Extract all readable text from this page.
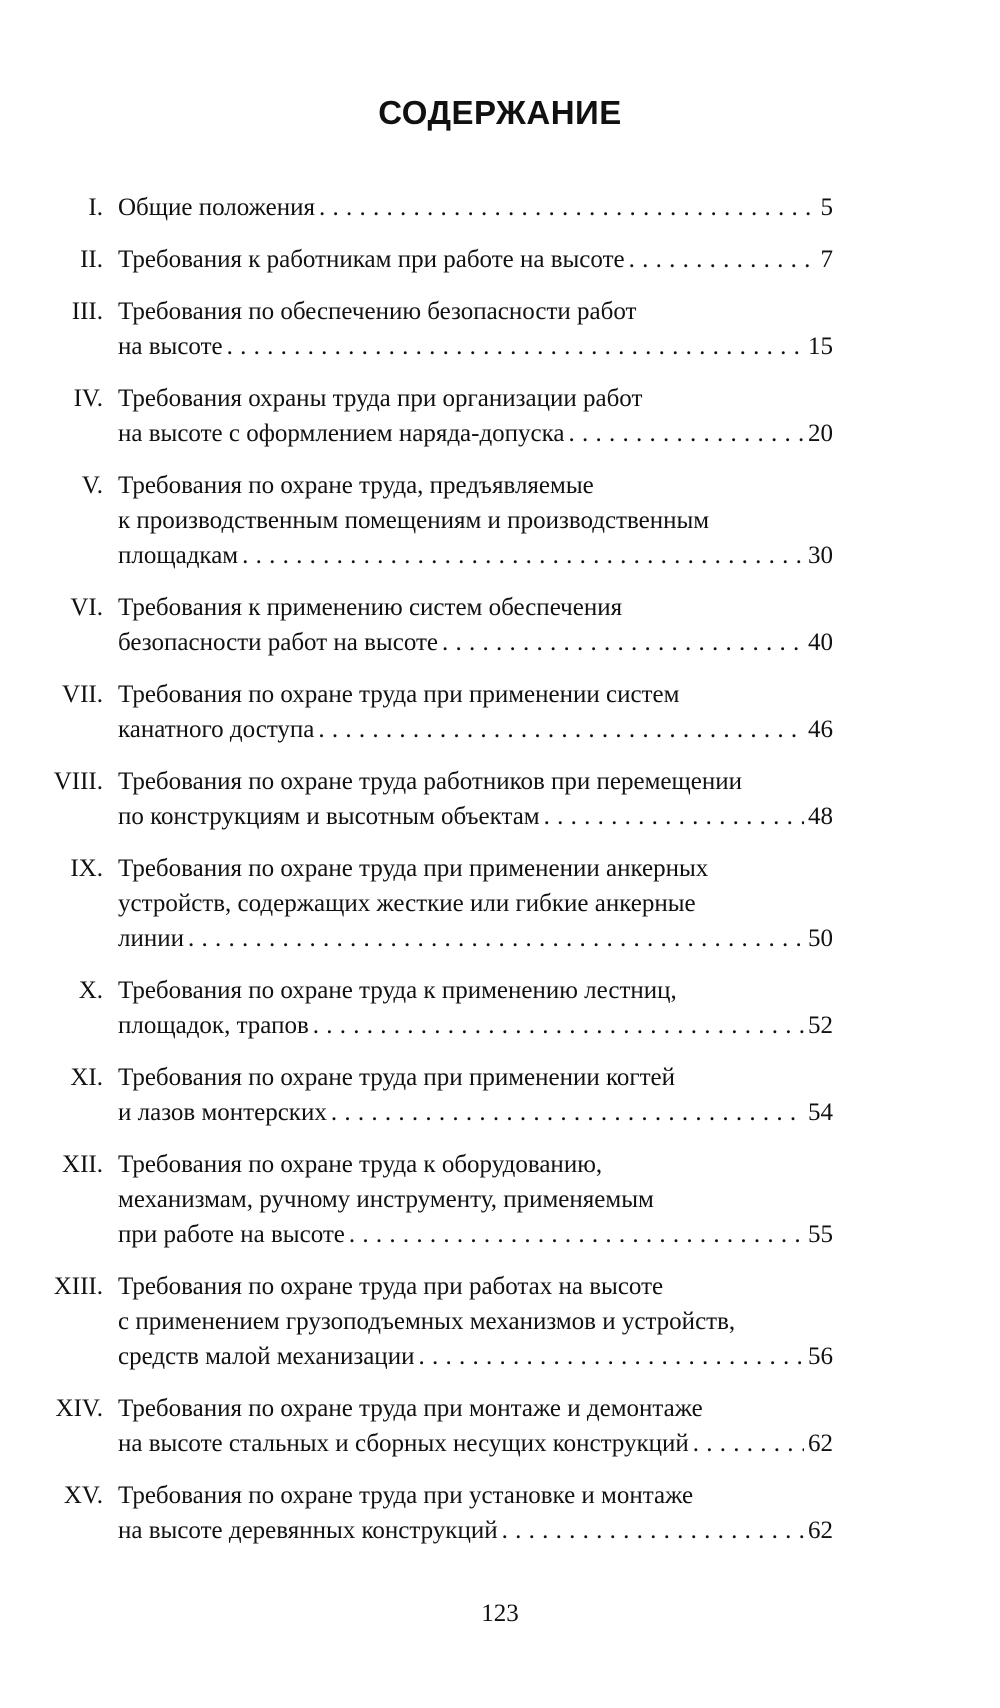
СОДЕРЖАНИЕ
I. Общие положения . . .	5
II. Требования к работникам при работе на высоте . . .	7
III. Требования по обеспечению безопасности работ
на высоте . . .	15
IV. Требования охраны труда при организации работ
на высоте с оформлением наряда-допуска . . .	20
V. Требования по охране труда, предъявляемые
к производственным помещениям и производственным
площадкам . . .	30
VI. Требования к применению систем обеспечения
безопасности работ на высоте . . .	40
VII. Требования по охране труда при применении систем
канатного доступа . . .	46
VIII. Требования по охране труда работников при перемещении
по конструкциям и высотным объектам . . .	48
IX. Требования по охране труда при применении анкерных
устройств, содержащих жесткие или гибкие анкерные
линии . . .	50
X. Требования по охране труда к применению лестниц,
площадок, трапов . . .	52
XI. Требования по охране труда при применении когтей
и лазов монтерских . . .	54
XII. Требования по охране труда к оборудованию,
механизмам, ручному инструменту, применяемым
при работе на высоте . . .	55
XIII. Требования по охране труда при работах на высоте
с применением грузоподъемных механизмов и устройств,
средств малой механизации . . .	56
XIV. Требования по охране труда при монтаже и демонтаже
на высоте стальных и сборных несущих конструкций . . .	62
XV. Требования по охране труда при установке и монтаже
на высоте деревянных конструкций . . .	62
123
